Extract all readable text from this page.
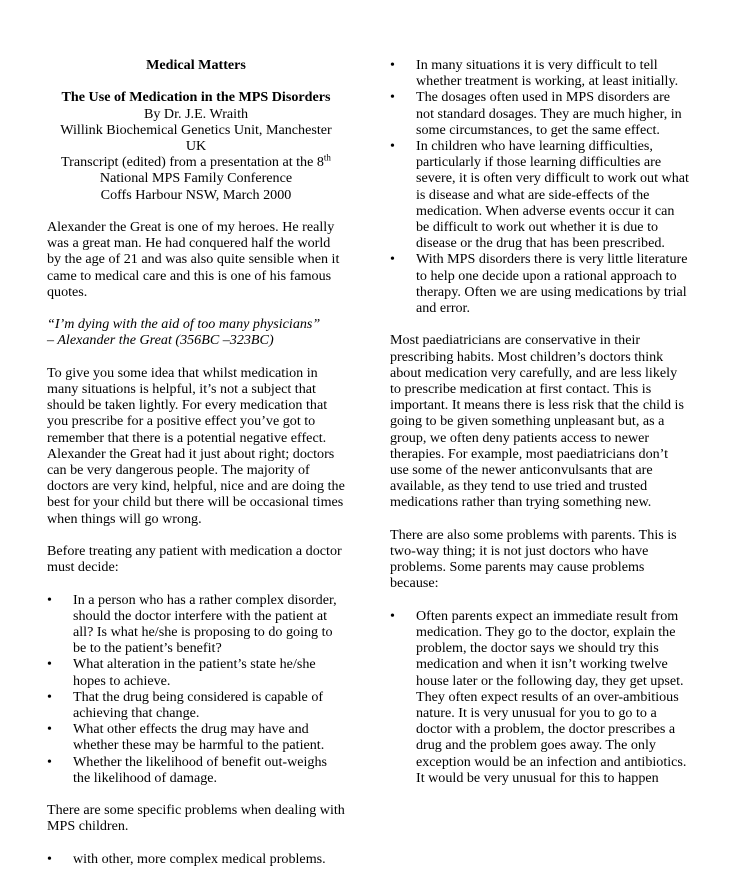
Medical Matters

The Use of Medication in the MPS Disorders

By Dr. J.E. Wraith

Willink Biochemical Genetics Unit, Manchester

UK

Transcript (edited) from a presentation at the 8th

National MPS Family Conference

Coffs Harbour NSW, March 2000

Alexander the Great is one of my heroes. He really was a great man. He had conquered half the world by the age of 21 and was also quite sensible when it came to medical care and this is one of his famous quotes.

“I’m dying with the aid of too many physicians”

– Alexander the Great (356BC –323BC)

To give you some idea that whilst medication in many situations is helpful, it’s not a subject that should be taken lightly. For every medication that you prescribe for a positive effect you’ve got to remember that there is a potential negative effect. Alexander the Great had it just about right; doctors can be very dangerous people. The majority of doctors are very kind, helpful, nice and are doing the best for your child but there will be occasional times when things will go wrong.

Before treating any patient with medication a doctor must decide:

•	In a person who has a rather complex disorder, should the doctor interfere with the patient at all? Is what he/she is proposing to do going to be to the patient’s benefit?
•	What alteration in the patient’s state he/she hopes to achieve.
•	That the drug being considered is capable of achieving that change.
•	What other effects the drug may have and whether these may be harmful to the patient.
•	Whether the likelihood of benefit out-weighs the likelihood of damage.

There are some specific problems when dealing with MPS children.

•	with other, more complex medical problems.
•	In many situations it is very difficult to tell whether treatment is working, at least initially.
•	The dosages often used in MPS disorders are not standard dosages. They are much higher, in some circumstances, to get the same effect.
•	In children who have learning difficulties, particularly if those learning difficulties are severe, it is often very difficult to work out what is disease and what are side-effects of the medication. When adverse events occur it can be difficult to work out whether it is due to disease or the drug that has been prescribed.
•	With MPS disorders there is very little literature to help one decide upon a rational approach to therapy. Often we are using medications by trial and error.

Most paediatricians are conservative in their prescribing habits. Most children’s doctors think about medication very carefully, and are less likely to prescribe medication at first contact. This is important. It means there is less risk that the child is going to be given something unpleasant but, as a group, we often deny patients access to newer therapies. For example, most paediatricians don’t use some of the newer anticonvulsants that are available, as they tend to use tried and trusted medications rather than trying something new.

There are also some problems with parents. This is two-way thing; it is not just doctors who have problems. Some parents may cause problems because:

•	Often parents expect an immediate result from medication. They go to the doctor, explain the problem, the doctor says we should try this medication and when it isn’t working twelve house later or the following day, they get upset. They often expect results of an over-ambitious nature. It is very unusual for you to go to a doctor with a problem, the doctor prescribes a drug and the problem goes away. The only exception would be an infection and antibiotics. It would be very unusual for this to happen
